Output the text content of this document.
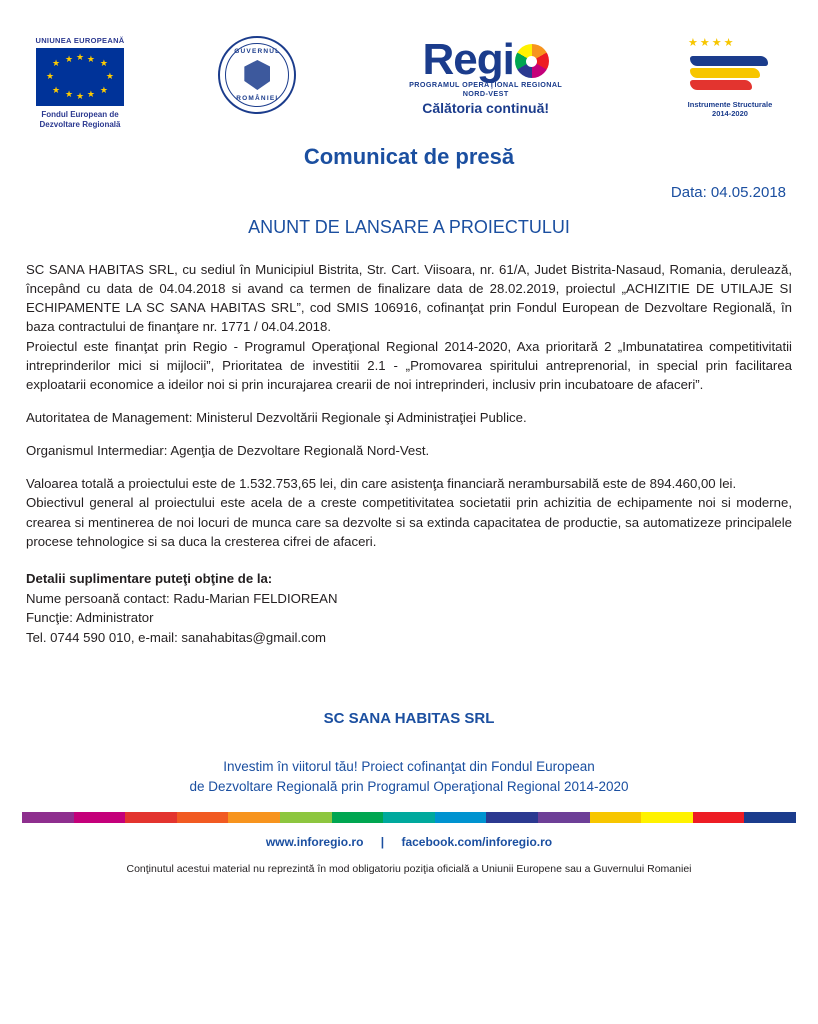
UNIUNEA EUROPEANĂ
★
★
★	★
★	★
★	★
★ ★
★ ★
Fondul European de
Dezvoltare Regională
GUVERNUL
ROMÂNIEI
Regi
PROGRAMUL OPERAŢIONAL REGIONAL
NORD-VEST
Călătoria continuă!
★★★★
Instrumente Structurale
2014-2020
Comunicat de presă
Data: 04.05.2018
ANUNT DE LANSARE A PROIECTULUI

SC SANA HABITAS SRL, cu sediul în Municipiul Bistrita, Str. Cart. Viisoara, nr. 61/A, Judet Bistrita-Nasaud, Romania, derulează, începând cu data de 04.04.2018 si avand ca termen de finalizare data de 28.02.2019, proiectul „ACHIZITIE DE UTILAJE SI ECHIPAMENTE LA SC SANA HABITAS SRL”, cod SMIS 106916, cofinanţat prin Fondul European de Dezvoltare Regională, în baza contractului de finanţare nr. 1771 / 04.04.2018.

Proiectul este finanţat prin Regio - Programul Operaţional Regional 2014-2020, Axa prioritară 2 „Imbunatatirea competitivitatii intreprinderilor mici si mijlocii”, Prioritatea de investitii 2.1 - „Promovarea spiritului antreprenorial, in special prin facilitarea exploatarii economice a ideilor noi si prin incurajarea crearii de noi intreprinderi, inclusiv prin incubatoare de afaceri”.

Autoritatea de Management: Ministerul Dezvoltării Regionale şi Administraţiei Publice.

Organismul Intermediar: Agenţia de Dezvoltare Regională Nord-Vest.

Valoarea totală a proiectului este de 1.532.753,65 lei, din care asistenţa financiară nerambursabilă este de 894.460,00 lei.

Obiectivul general al proiectului este acela de a creste competitivitatea societatii prin achizitia de echipamente noi si moderne, crearea si mentinerea de noi locuri de munca care sa dezvolte si sa extinda capacitatea de productie, sa automatizeze principalele procese tehnologice si sa duca la cresterea cifrei de afaceri.

Detalii suplimentare puteţi obţine de la:
Nume persoană contact: Radu-Marian FELDIOREAN
Funcţie: Administrator
Tel. 0744 590 010, e-mail: sanahabitas@gmail.com
SC SANA HABITAS SRL
Investim în viitorul tău! Proiect cofinanţat din Fondul European
de Dezvoltare Regională prin Programul Operaţional Regional 2014-2020
www.inforegio.ro | facebook.com/inforegio.ro
Conţinutul acestui material nu reprezintă în mod obligatoriu poziţia oficială a Uniunii Europene sau a Guvernului Romaniei
